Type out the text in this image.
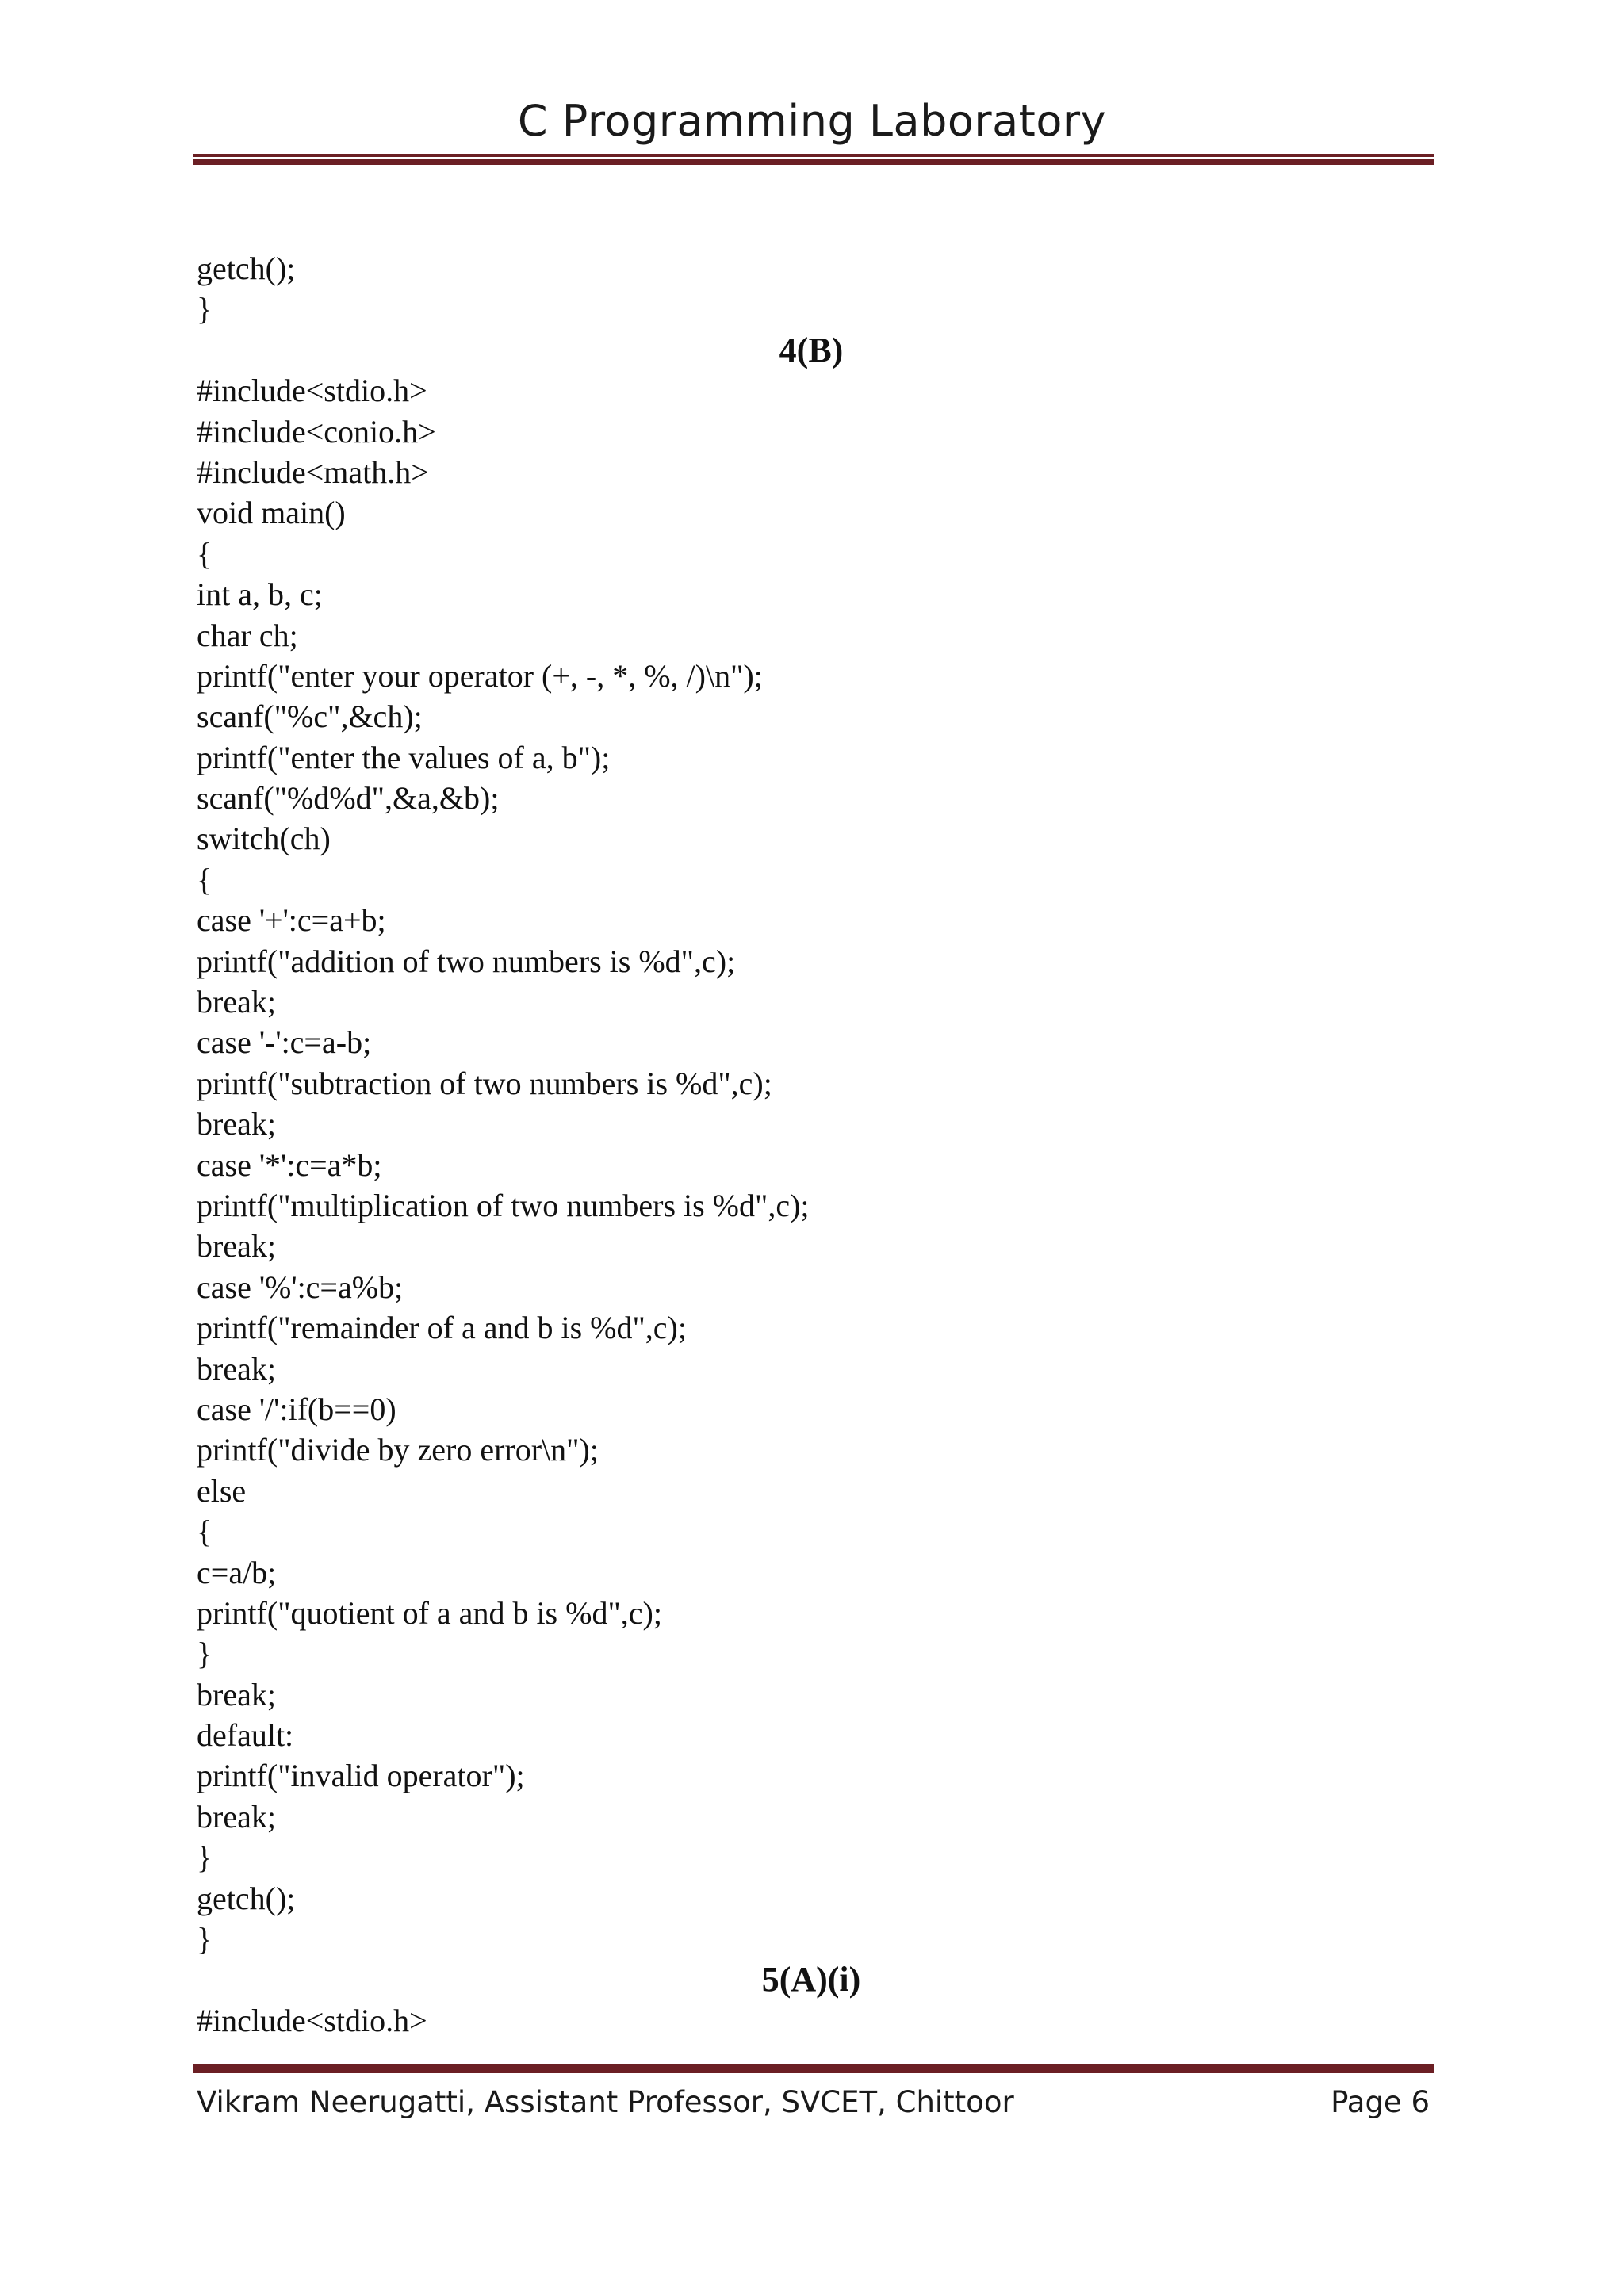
C Programming Laboratory
getch();
}
4(B)
#include<stdio.h>
#include<conio.h>
#include<math.h>
void main()
{
int a, b, c;
char ch;
printf("enter your operator (+, -, *, %, /)\n");
scanf("%c",&ch);
printf("enter the values of a, b");
scanf("%d%d",&a,&b);
switch(ch)
{
case '+':c=a+b;
printf("addition of two numbers is %d",c);
break;
case '-':c=a-b;
printf("subtraction of two numbers is %d",c);
break;
case '*':c=a*b;
printf("multiplication of two numbers is %d",c);
break;
case '%':c=a%b;
printf("remainder of a and b is %d",c);
break;
case '/':if(b==0)
printf("divide by zero error\n");
else
{
c=a/b;
printf("quotient of a and b is %d",c);
}
break;
default:
printf("invalid operator");
break;
}
getch();
}
5(A)(i)
#include<stdio.h>
Vikram Neerugatti, Assistant Professor, SVCET, Chittoor	Page 6
